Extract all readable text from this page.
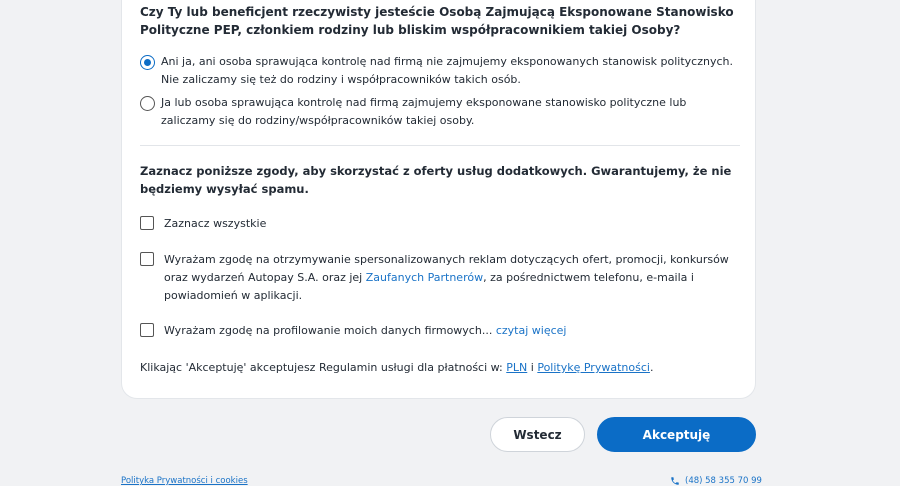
Czy Ty lub beneficjent rzeczywisty jesteście Osobą Zajmującą Eksponowane Stanowisko Polityczne PEP, członkiem rodziny lub bliskim współpracownikiem takiej Osoby?
Ani ja, ani osoba sprawująca kontrolę nad firmą nie zajmujemy eksponowanych stanowisk politycznych. Nie zaliczamy się też do rodziny i współpracowników takich osób.
Ja lub osoba sprawująca kontrolę nad firmą zajmujemy eksponowane stanowisko polityczne lub zaliczamy się do rodziny/współpracowników takiej osoby.
Zaznacz poniższe zgody, aby skorzystać z oferty usług dodatkowych. Gwarantujemy, że nie będziemy wysyłać spamu.
Zaznacz wszystkie
Wyrażam zgodę na otrzymywanie spersonalizowanych reklam dotyczących ofert, promocji, konkursów oraz wydarzeń Autopay S.A. oraz jej Zaufanych Partnerów, za pośrednictwem telefonu, e-maila i powiadomień w aplikacji.
Wyrażam zgodę na profilowanie moich danych firmowych... czytaj więcej
Klikając 'Akceptuję' akceptujesz Regulamin usługi dla płatności w: PLN i Politykę Prywatności.
Wstecz	Akceptuję
Polityka Prywatności i cookies	(48) 58 355 70 99
